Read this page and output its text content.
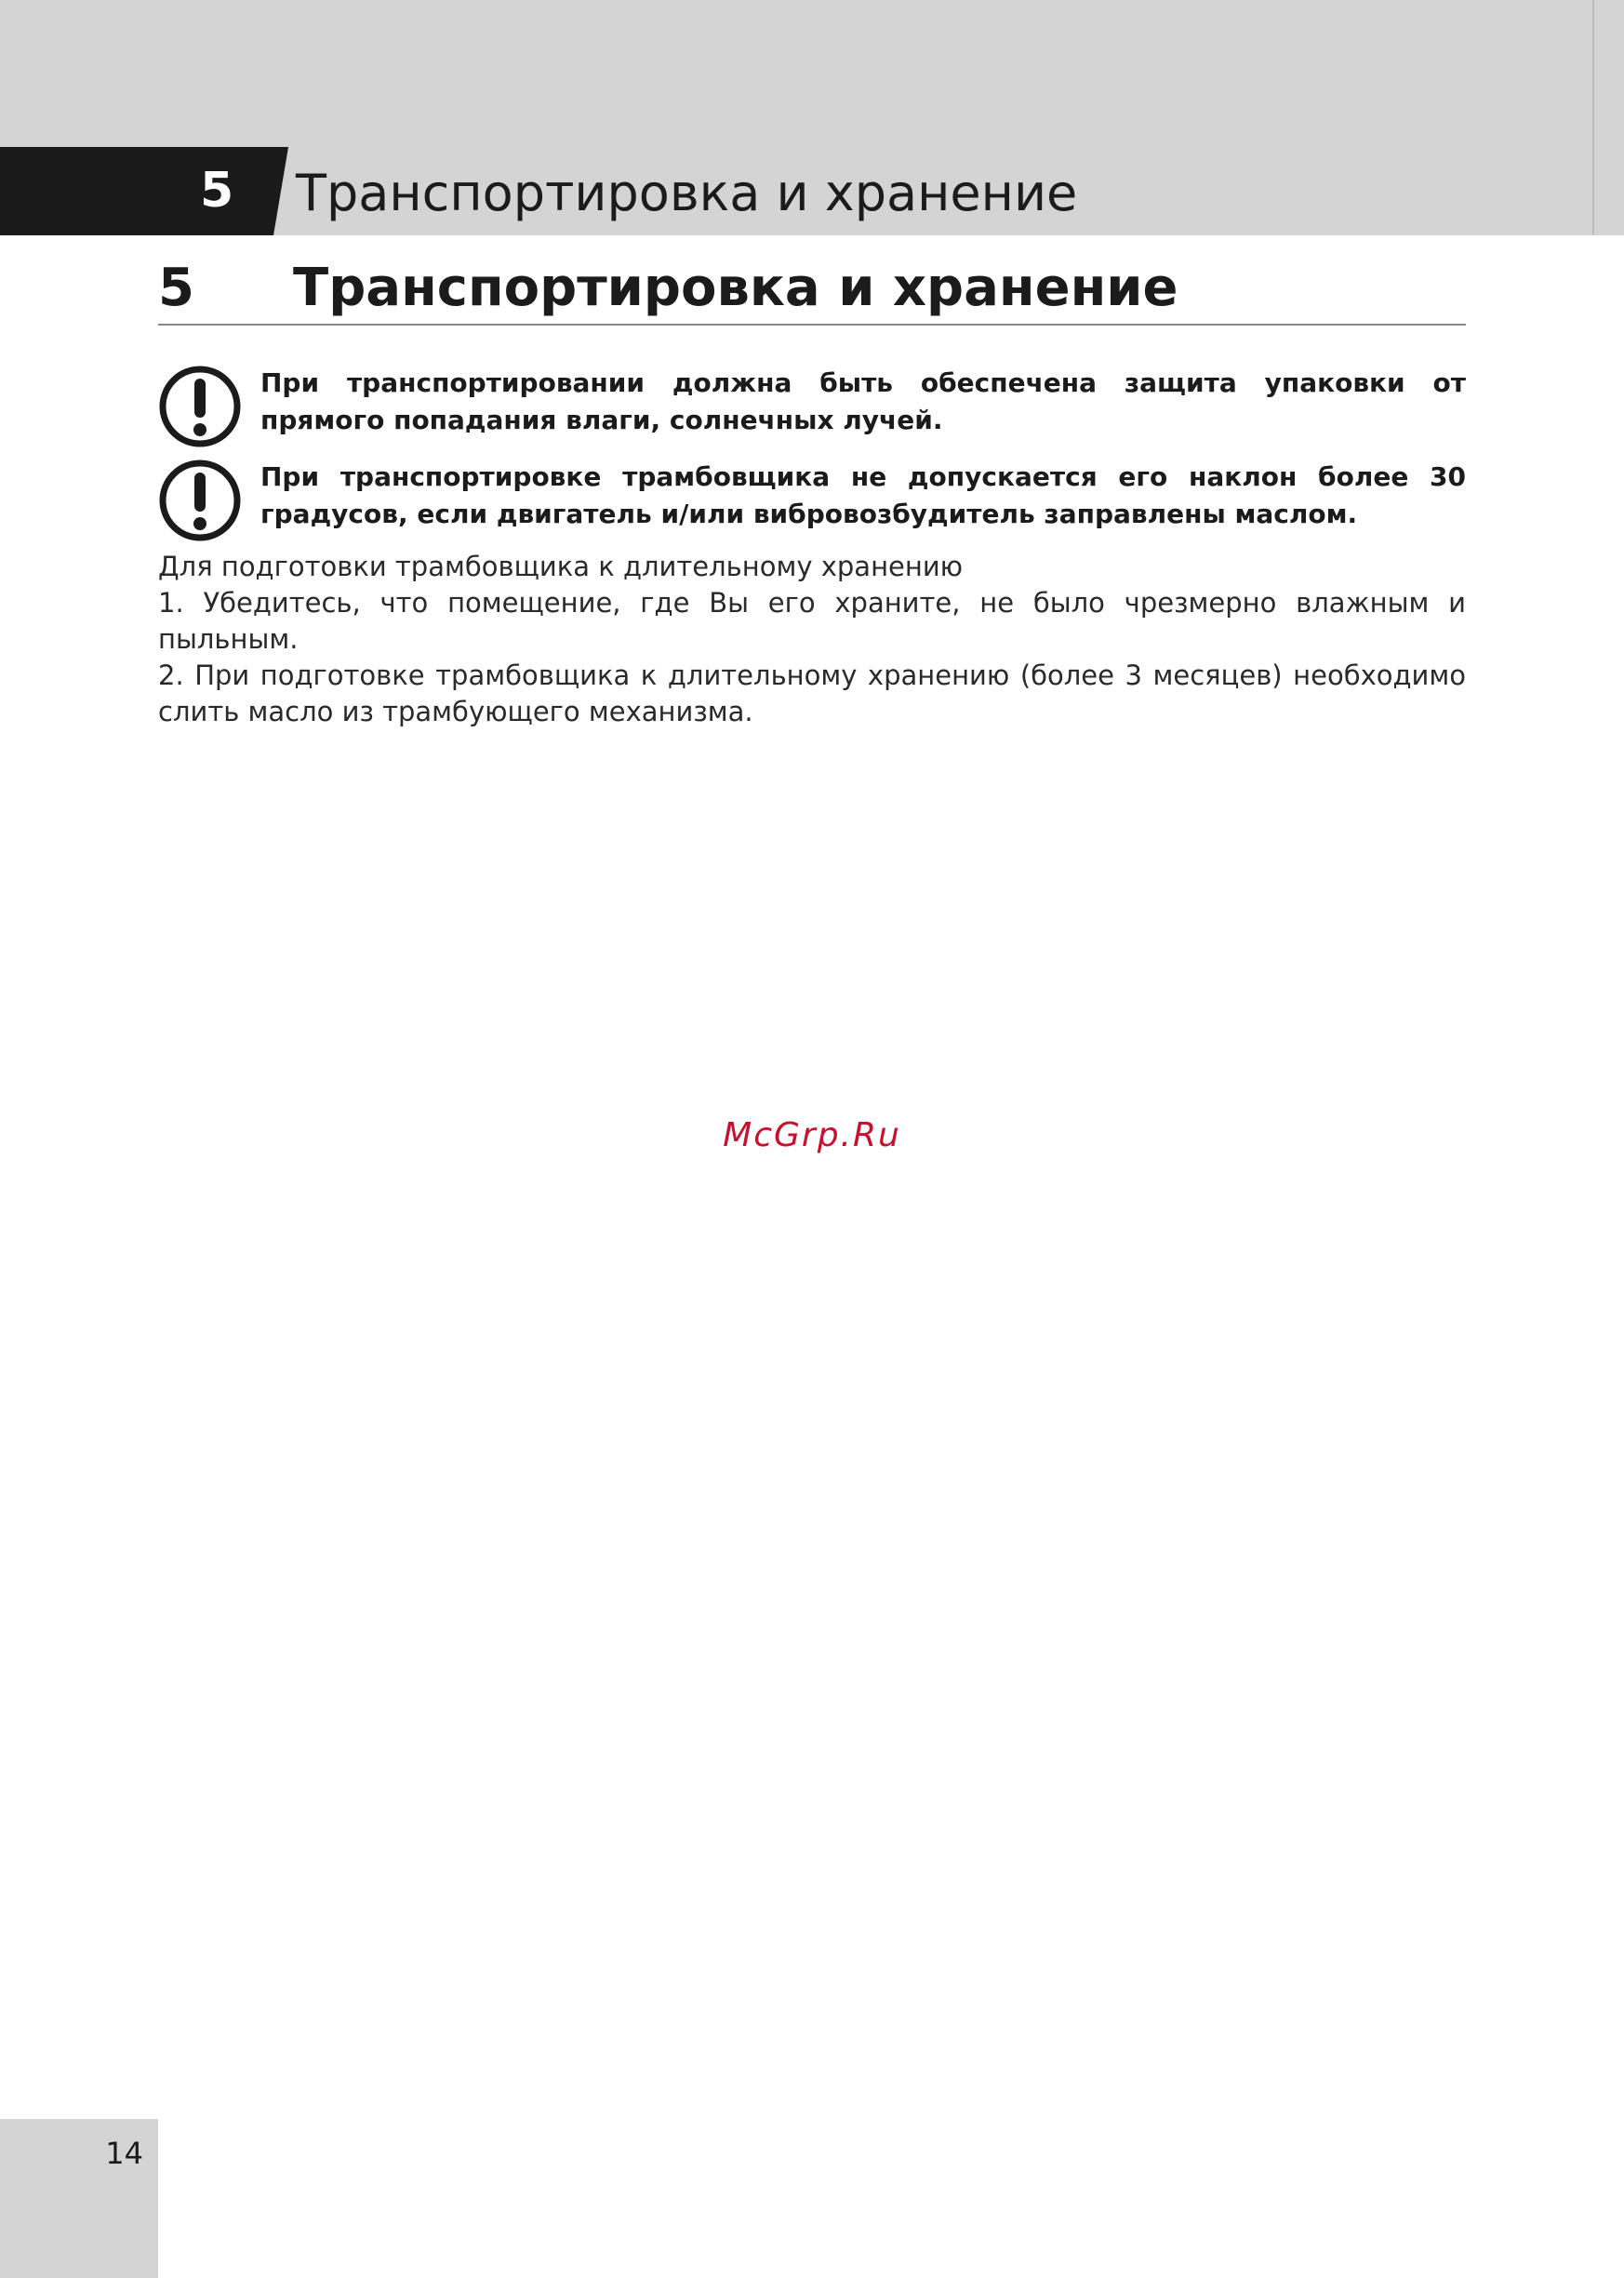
5 Транспортировка и хранение
5 Транспортировка и хранение
При транспортировании должна быть обеспечена защита упаковки от прямого попадания влаги, солнечных лучей.
При транспортировке трамбовщика не допускается его наклон более 30 градусов, если двигатель и/или вибровозбудитель заправлены маслом.

Для подготовки трамбовщика к длительному хранению

1. Убедитесь, что помещение, где Вы его храните, не было чрезмерно влажным и пыльным.

2. При подготовке трамбовщика к длительному хранению (более 3 месяцев) необходимо слить масло из трамбующего механизма.

McGrp.Ru
14
